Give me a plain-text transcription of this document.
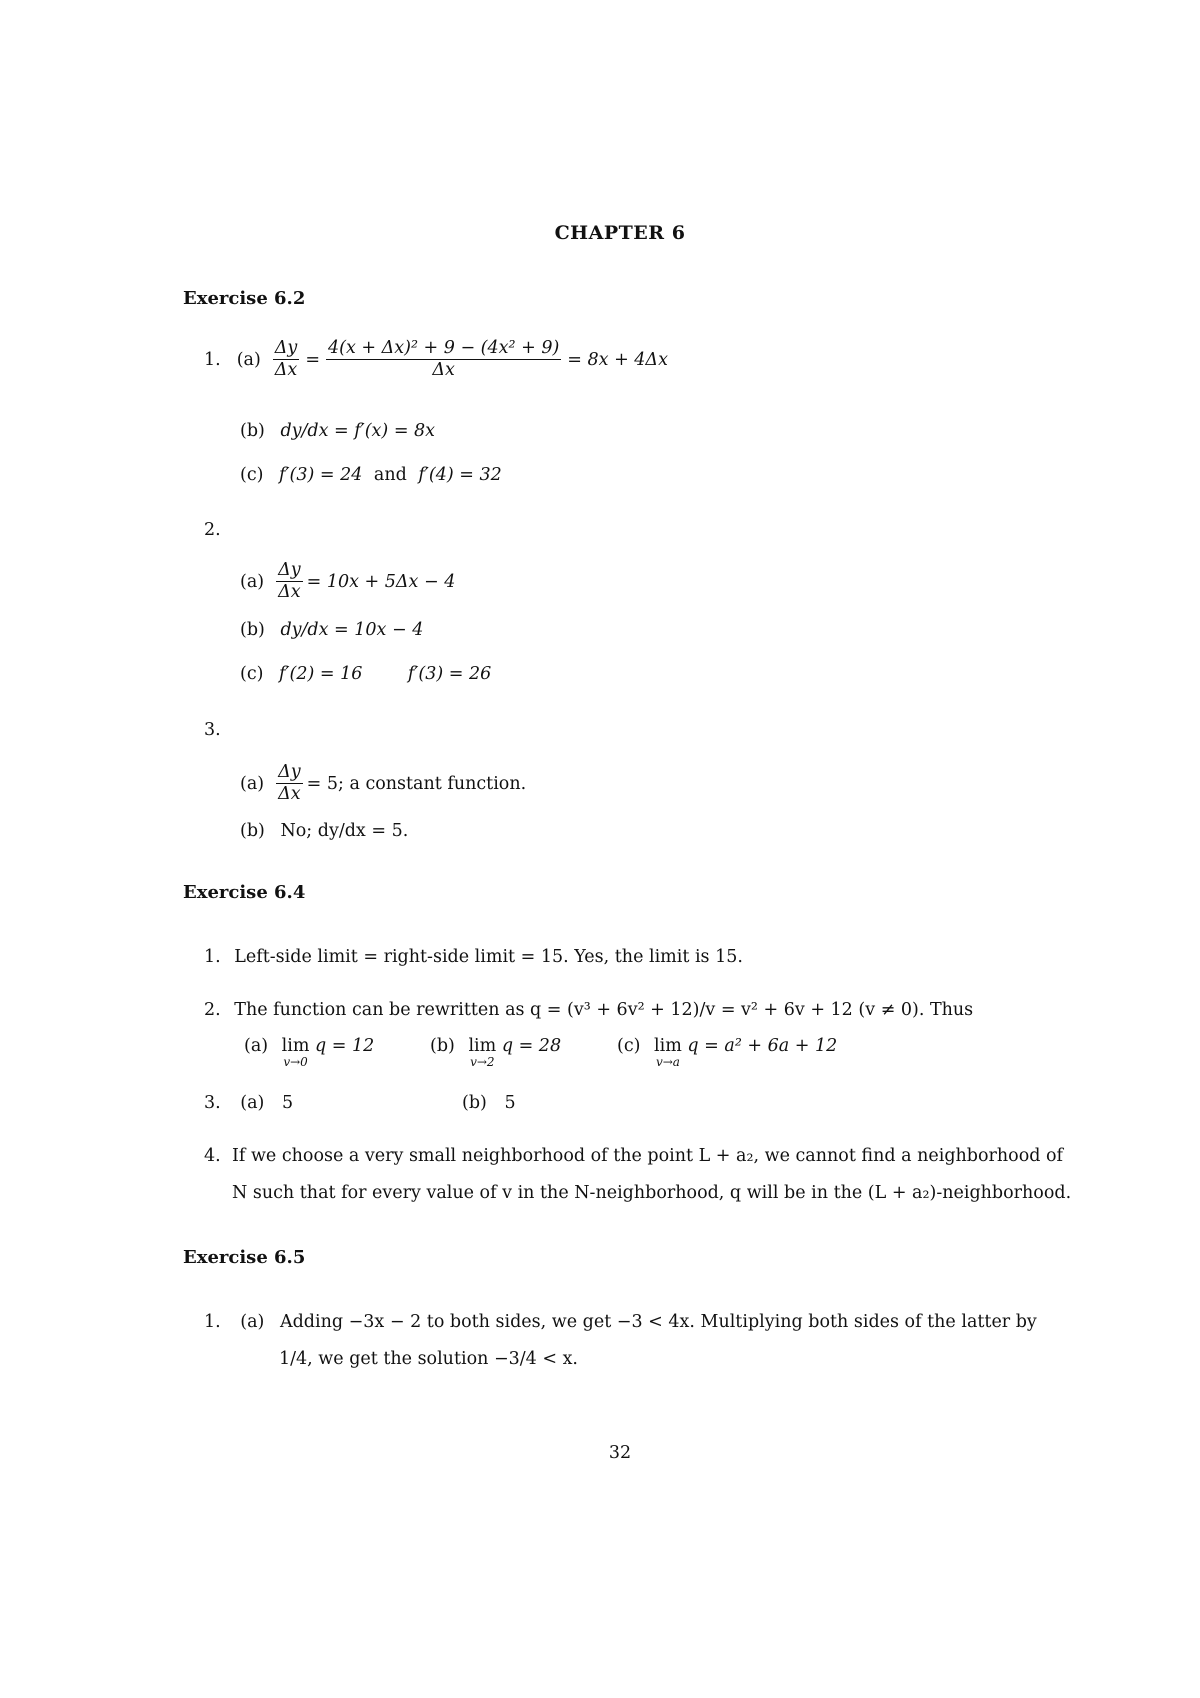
CHAPTER 6
Exercise 6.2
1. $(a) \frac{\Delta y}{\Delta x} = \frac{\text{4(x + Δx)² + 9 − (4x² + 9)}}{\Delta x} = 8x + 4\Delta x$
(b) dy/dx = f′(x) = 8x
(c) f′(3) = 24 and f′(4) = 32
2.
$(a) \frac{\Delta y}{\Delta x} = 10x + 5\Delta x - 4$
(b) dy/dx = 10x − 4
(c) f′(2) = 16	f′(3) = 26
3.
$(a) \frac{\Delta y}{\Delta x} = 5$; a constant function.
(b) No; dy/dx = 5.
Exercise 6.4
1. Left-side limit = right-side limit = 15. Yes, the limit is 15.
2. The function can be rewritten as q = (v³ + 6v² + 12)/v = v² + 6v + 12 (v ≠ 0). Thus
(a) lim
v→0
q = 12	(b) lim
v→2
q = 28	(c) lim
v→a
q = a² + 6a + 12
3. (a) 5	(b) 5
4. If we choose a very small neighborhood of the point L + a₂, we cannot find a neighborhood of
N such that for every value of v in the N-neighborhood, q will be in the (L + a₂)-neighborhood.
Exercise 6.5
1. (a) Adding −3x − 2 to both sides, we get −3 < 4x. Multiplying both sides of the latter by
1/4, we get the solution −3/4 < x.
32
